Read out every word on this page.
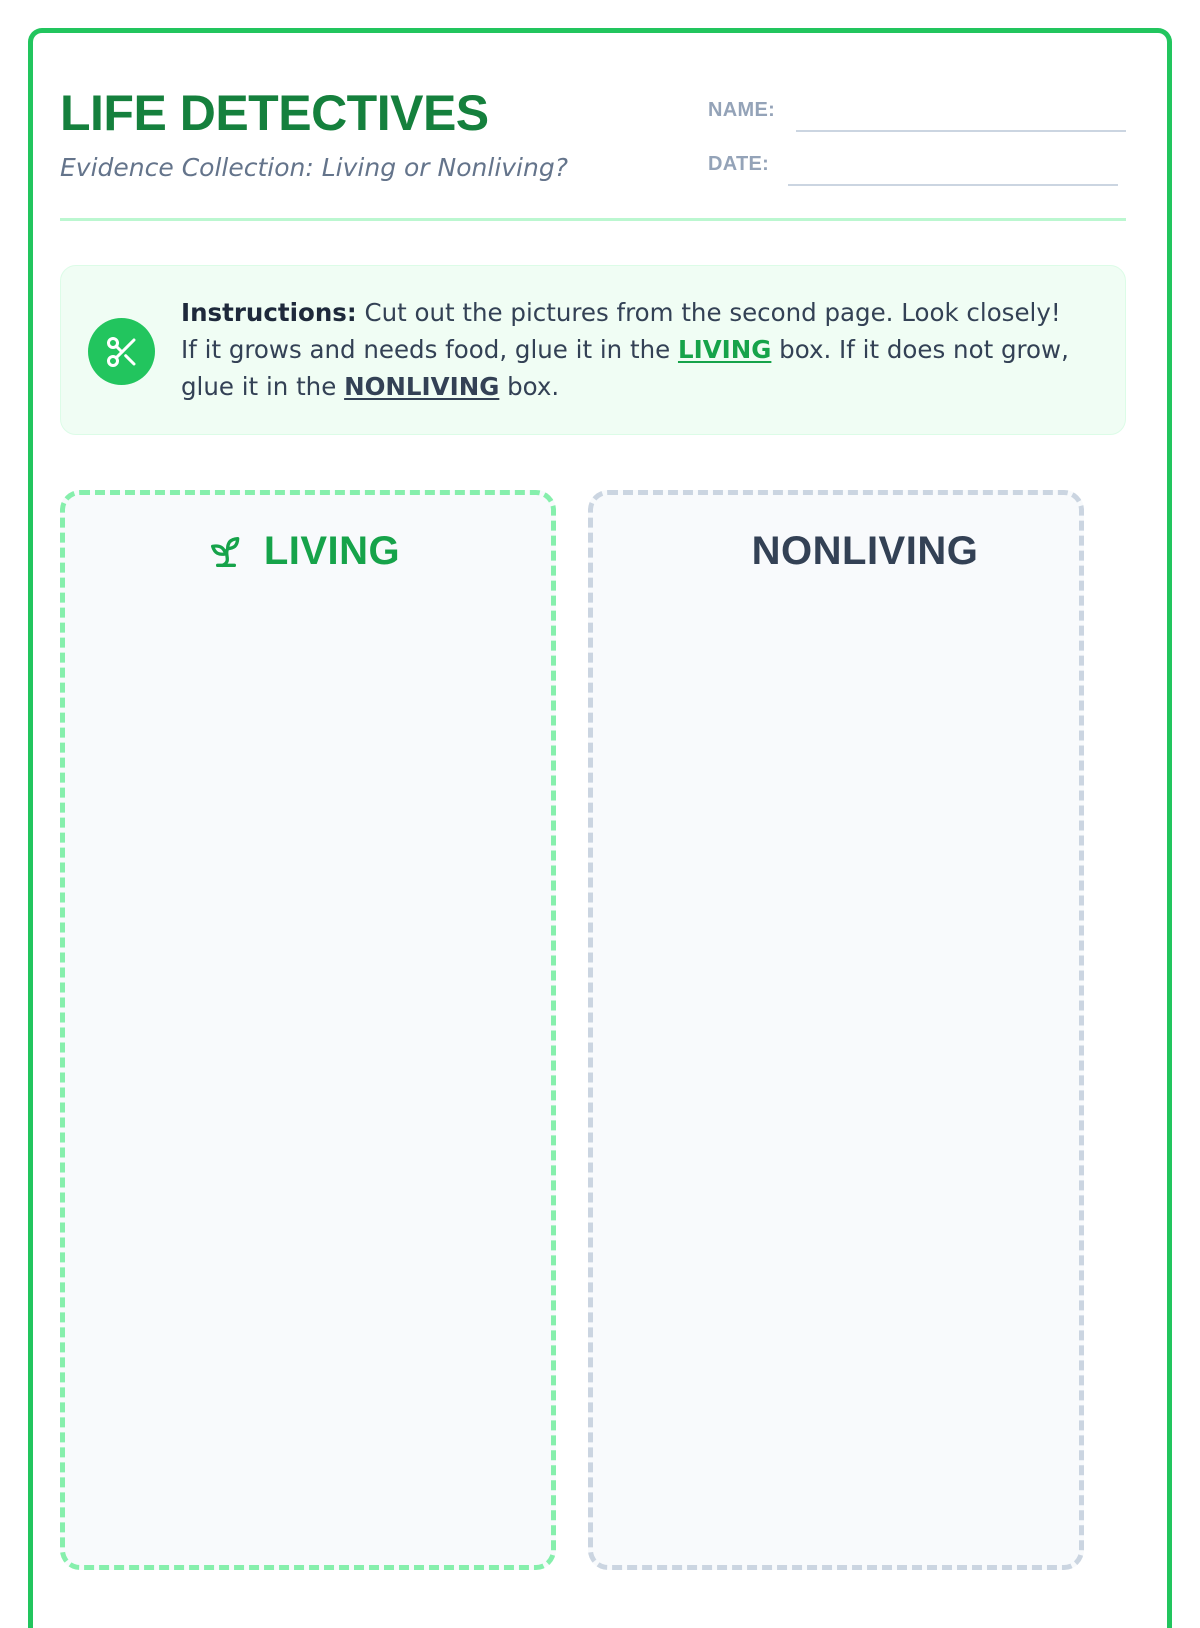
LIFE DETECTIVES
Evidence Collection: Living or Nonliving?
NAME:
DATE:
Instructions: Cut out the pictures from the second page. Look closely! If it grows and needs food, glue it in the LIVING box. If it does not grow, glue it in the NONLIVING box.
LIVING	NONLIVING
